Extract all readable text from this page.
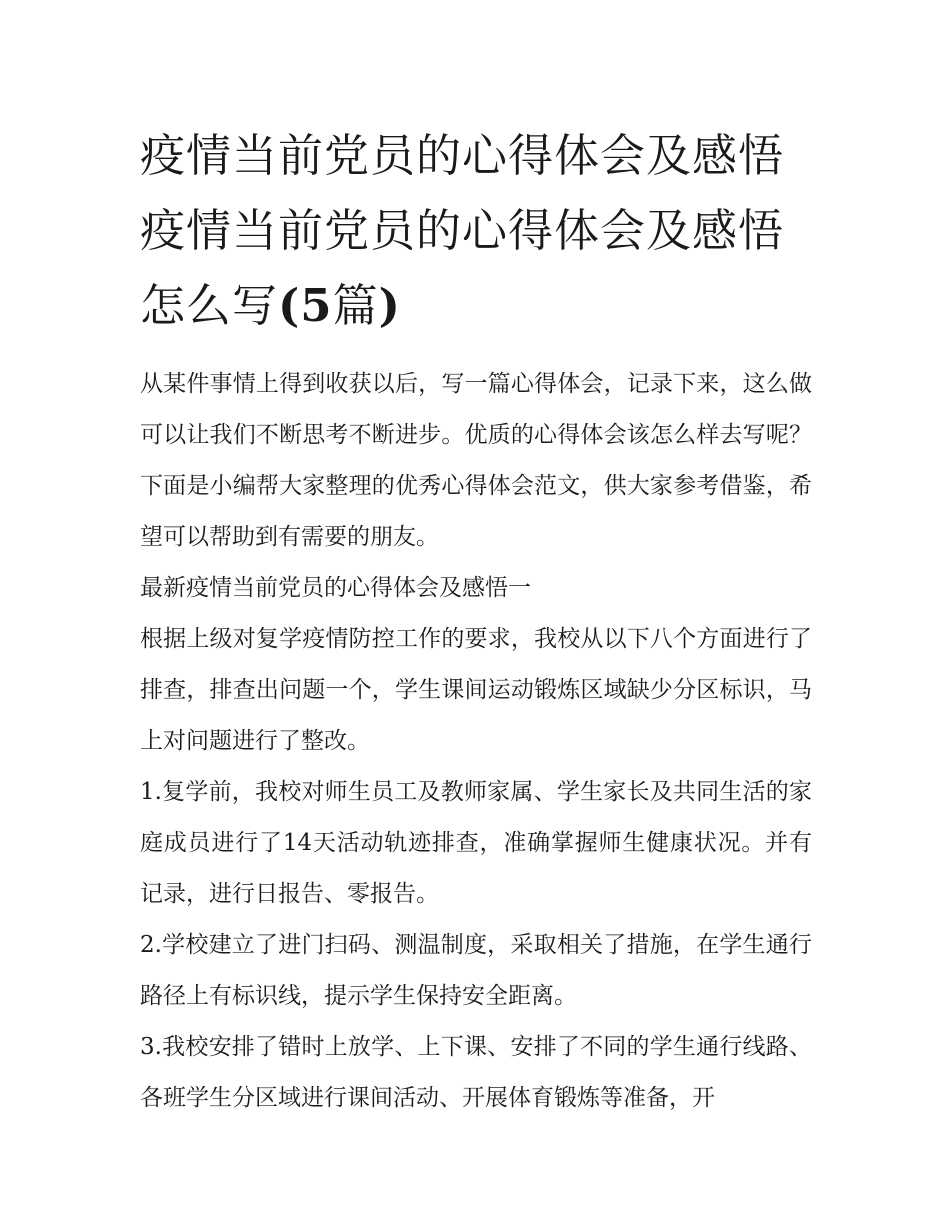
疫情当前党员的心得体会及感悟 疫情当前党员的心得体会及感悟怎么写(5篇)

从某件事情上得到收获以后，写一篇心得体会，记录下来，这么做可以让我们不断思考不断进步。优质的心得体会该怎么样去写呢？下面是小编帮大家整理的优秀心得体会范文，供大家参考借鉴，希望可以帮助到有需要的朋友。

最新疫情当前党员的心得体会及感悟一

根据上级对复学疫情防控工作的要求，我校从以下八个方面进行了排查，排查出问题一个，学生课间运动锻炼区域缺少分区标识，马上对问题进行了整改。

1.复学前，我校对师生员工及教师家属、学生家长及共同生活的家庭成员进行了14天活动轨迹排查，准确掌握师生健康状况。并有记录，进行日报告、零报告。

2.学校建立了进门扫码、测温制度，采取相关了措施，在学生通行路径上有标识线，提示学生保持安全距离。

3.我校安排了错时上放学、上下课、安排了不同的学生通行线路、各班学生分区域进行课间活动、开展体育锻炼等准备，开
